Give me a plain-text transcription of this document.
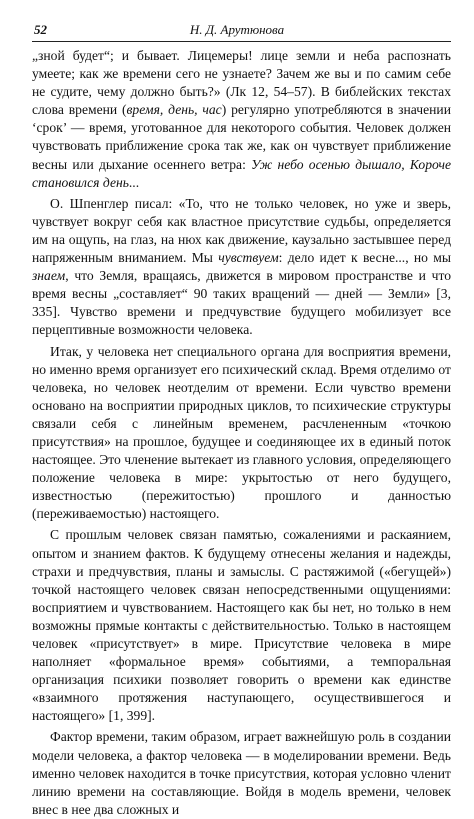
52	Н. Д. Арутюнова

„зной будет“; и бывает. Лицемеры! лице земли и неба распознать умеете; как же времени сего не узнаете? Зачем же вы и по самим себе не судите, чему должно быть?» (Лк 12, 54–57). В библейских текстах слова времени (время, день, час) регулярно употребляются в значении ‘срок’ — время, уготованное для некоторого события. Человек должен чувствовать приближение срока так же, как он чувствует приближение весны или дыхание осеннего ветра: Уж небо осенью дышало, Короче становился день...

О. Шпенглер писал: «То, что не только человек, но уже и зверь, чувствует вокруг себя как властное присутствие судьбы, определяется им на ощупь, на глаз, на нюх как движение, каузально застывшее перед напряженным вниманием. Мы чувствуем: дело идет к весне..., но мы знаем, что Земля, вращаясь, движется в мировом пространстве и что время весны „составляет“ 90 таких вращений — дней — Земли» [3, 335]. Чувство времени и предчувствие будущего мобилизует все перцептивные возможности человека.

Итак, у человека нет специального органа для восприятия времени, но именно время организует его психический склад. Время отделимо от человека, но человек неотделим от времени. Если чувство времени основано на восприятии природных циклов, то психические структуры связали себя с линейным временем, расчлененным «точкою присутствия» на прошлое, будущее и соединяющее их в единый поток настоящее. Это членение вытекает из главного условия, определяющего положение человека в мире: укрытостью от него будущего, известностью (пережитостью) прошлого и данностью (переживаемостью) настоящего.

С прошлым человек связан памятью, сожалениями и раскаянием, опытом и знанием фактов. К будущему отнесены желания и надежды, страхи и предчувствия, планы и замыслы. С растяжимой («бегущей») точкой настоящего человек связан непосредственными ощущениями: восприятием и чувствованием. Настоящего как бы нет, но только в нем возможны прямые контакты с действительностью. Только в настоящем человек «присутствует» в мире. Присутствие человека в мире наполняет «формальное время» событиями, а темпоральная организация психики позволяет говорить о времени как единстве «взаимного протяжения наступающего, осуществившегося и настоящего» [1, 399].

Фактор времени, таким образом, играет важнейшую роль в создании модели человека, а фактор человека — в моделировании времени. Ведь именно человек находится в точке присутствия, которая условно членит линию времени на составляющие. Войдя в модель времени, человек внес в нее два сложных и
